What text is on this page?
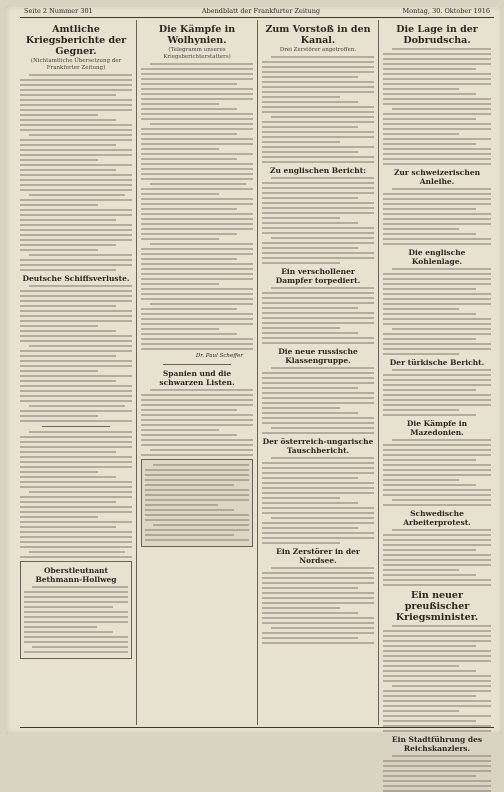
Seite 2 Nummer 301	Abendblatt der Frankfurter Zeitung	Montag, 30. Oktober 1916
Amtliche Kriegsberichte der Gegner.
(Nichtamtliche Übersetzung der Frankfurter Zeitung)
Deutsche Schiffsverluste.
Oberstleutnant Bethmann-Hollweg
Die Kämpfe in Wolhynien.
(Telegramm unseres Kriegsberichterstatters)
Dr. Paul Scheffer
Spanien und die schwarzen Listen.
Zum Vorstoß in den Kanal.
Drei Zerstörer angetroffen.
Zu englischen Bericht:
Ein verschollener Dampfer torpediert.
Die neue russische Klassengruppe.
Der österreich-ungarische Tauschbericht.
Ein Zerstörer in der Nordsee.
Die Lage in der Dobrudscha.
Zur schweizerischen Anleihe.
Die englische Kohlenlage.
Der türkische Bericht.
Die Kämpfe in Mazedonien.
Schwedische Arbeiterprotest.
Ein neuer preußischer Kriegsminister.
Ein Stadtführung des Reichskanzlers.
